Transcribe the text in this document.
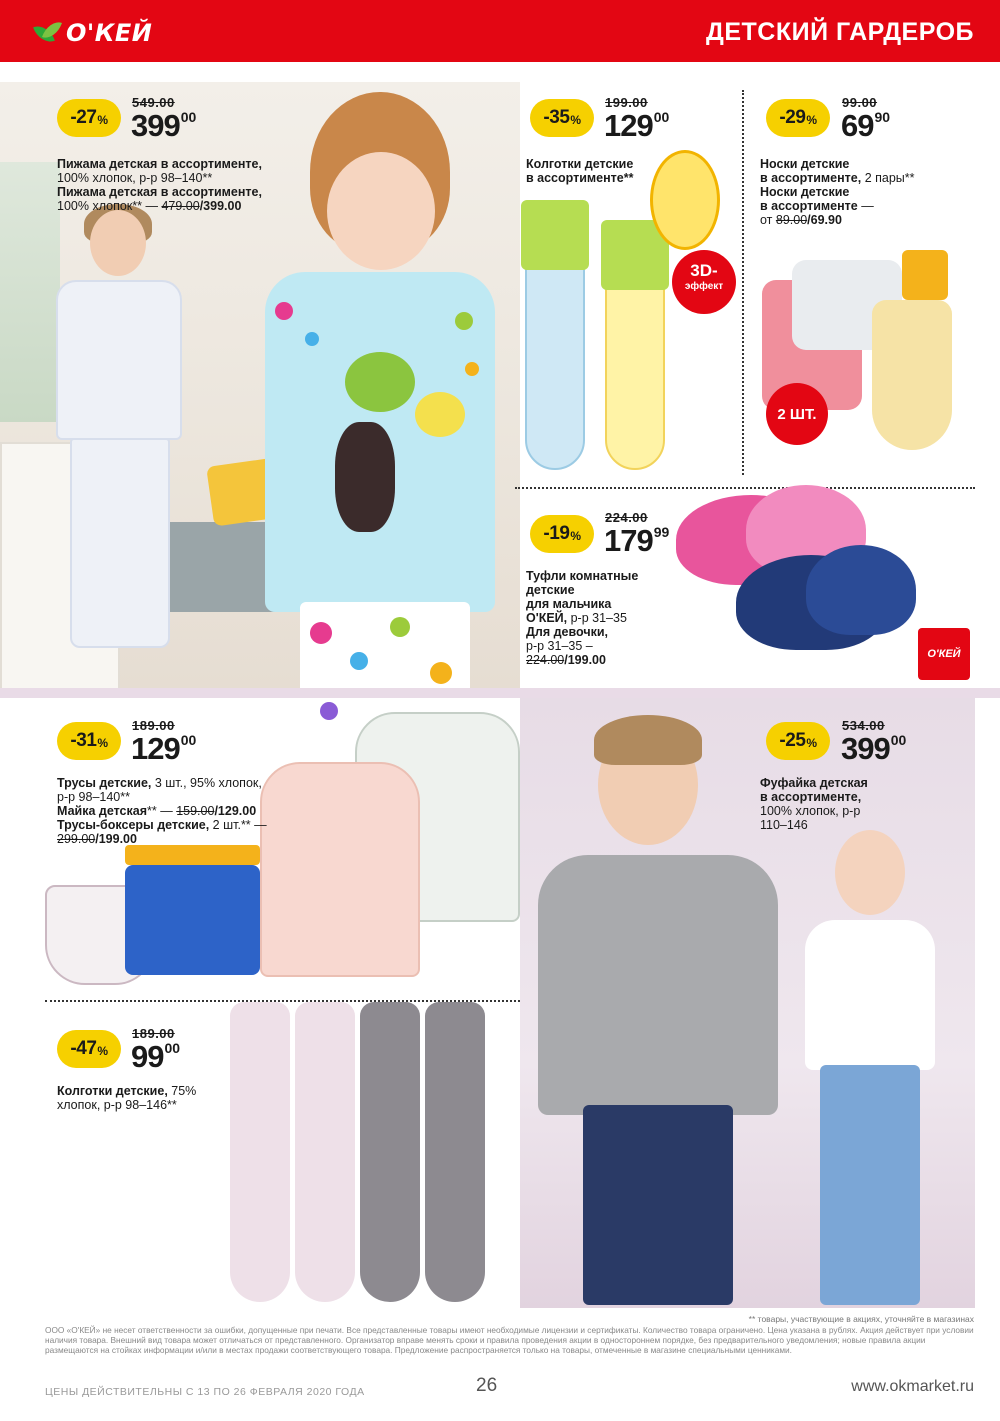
О'КЕЙ	ДЕТСКИЙ ГАРДЕРОБ
-27 %
549.00
$399^{00}$
Пижама детская в ассортименте,
100% хлопок, р-р 98–140**
Пижама детская в ассортименте,
100% хлопок** — 479.00/399.00
3D-
эффект
-35 %
199.00
$129^{00}$
Колготки детские
в ассортименте**
2 ШТ.
-29 %
99.00
$69^{90}$
Носки детские
в ассортименте, 2 пары**
Носки детские
в ассортименте —
от 89.00/69.90
О'КЕЙ
-19 %
224.00
$179^{99}$
Туфли комнатные
детские
для мальчика
О'КЕЙ, р-р 31–35
Для девочки,
р-р 31–35 –
224.00/199.00
-31 %
189.00
$129^{00}$
Трусы детские, 3 шт., 95% хлопок,
р-р 98–140**
Майка детская** — 159.00/129.00
Трусы-боксеры детские, 2 шт.** —
299.00/199.00
-25 %
534.00
$399^{00}$
Фуфайка детская
в ассортименте,
100% хлопок, р-р
110–146
-47 %
189.00
$99^{00}$
Колготки детские, 75%
хлопок, р-р 98–146**
** товары, участвующие в акциях, уточняйте в магазинах
ООО «О'КЕЙ» не несет ответственности за ошибки, допущенные при печати. Все представленные товары имеют необходимые лицензии и сертификаты. Количество товара ограничено. Цена указана в рублях. Акция действует при условии наличия товара. Внешний вид товара может отличаться от представленного. Организатор вправе менять сроки и правила проведения акции в одностороннем порядке, без предварительного уведомления; новые правила акции размещаются на стойках информации и/или в местах продажи соответствующего товара. Предложение распространяется только на товары, отмеченные в магазине специальными ценниками.
ЦЕНЫ ДЕЙСТВИТЕЛЬНЫ С 13 ПО 26 ФЕВРАЛЯ 2020 ГОДА	26	www.okmarket.ru
